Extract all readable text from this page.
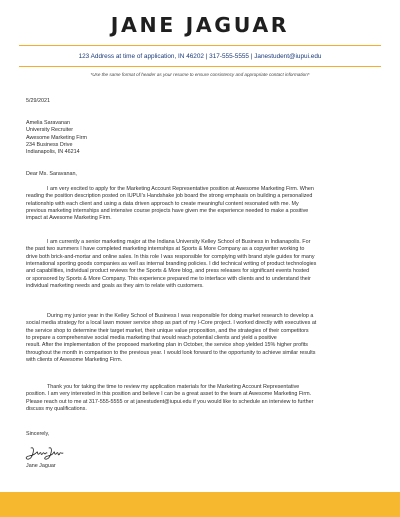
JANE JAGUAR
123 Address at time of application, IN 46202 | 317-555-5555 | Janestudent@iupui.edu
*Use the same format of header as your resume to ensure consistency and appropriate contact information*
5/29/2021
Amelia Saravanan
University Recruiter
Awesome Marketing Firm
234 Business Drive
Indianapolis, IN 46214
Dear Ms. Saravanan,
I am very excited to apply for the Marketing Account Representative position at Awesome Marketing Firm. When
reading the position description posted on IUPUI’s Handshake job board the strong emphasis on building a personalized
relationship with each client and using a data driven approach to create meaningful content resonated with me. My
previous marketing internships and intensive course projects have given me the experience needed to make a positive
impact at Awesome Marketing Firm.
I am currently a senior marketing major at the Indiana University Kelley School of Business in Indianapolis. For
the past two summers I have completed marketing internships at Sports & More Company as a copywriter working to
drive both brick-and-mortar and online sales. In this role I was responsible for complying with brand style guides for many
international sporting goods companies as well as internal branding policies. I did technical writing of product technologies
and capabilities, individual product reviews for the Sports & More blog, and press releases for significant events hosted
or sponsored by Sports & More Company. This experience prepared me to interface with clients and to understand their
individual marketing needs and goals as they aim to relate with customers.
During my junior year in the Kelley School of Business I was responsible for doing market research to develop a
social media strategy for a local lawn mower service shop as part of my I-Core project. I worked directly with executives at
the service shop to determine their target market, their unique value proposition, and the strategies of their competitors
to prepare a comprehensive social media marketing that would reach potential clients and yield a positive
result. After the implementation of the proposed marketing plan in October, the service shop yielded 15% higher profits
throughout the month in comparison to the previous year. I would look forward to the opportunity to achieve similar results
with clients of Awesome Marketing Firm.
Thank you for taking the time to review my application materials for the Marketing Account Representative
position. I am very interested in this position and believe I can be a great asset to the team at Awesome Marketing Firm.
Please reach out to me at 317-555-5555 or at janestudent@iupui.edu if you would like to schedule an interview to further
discuss my qualifications.
Sincerely,
Jane Jaguar
